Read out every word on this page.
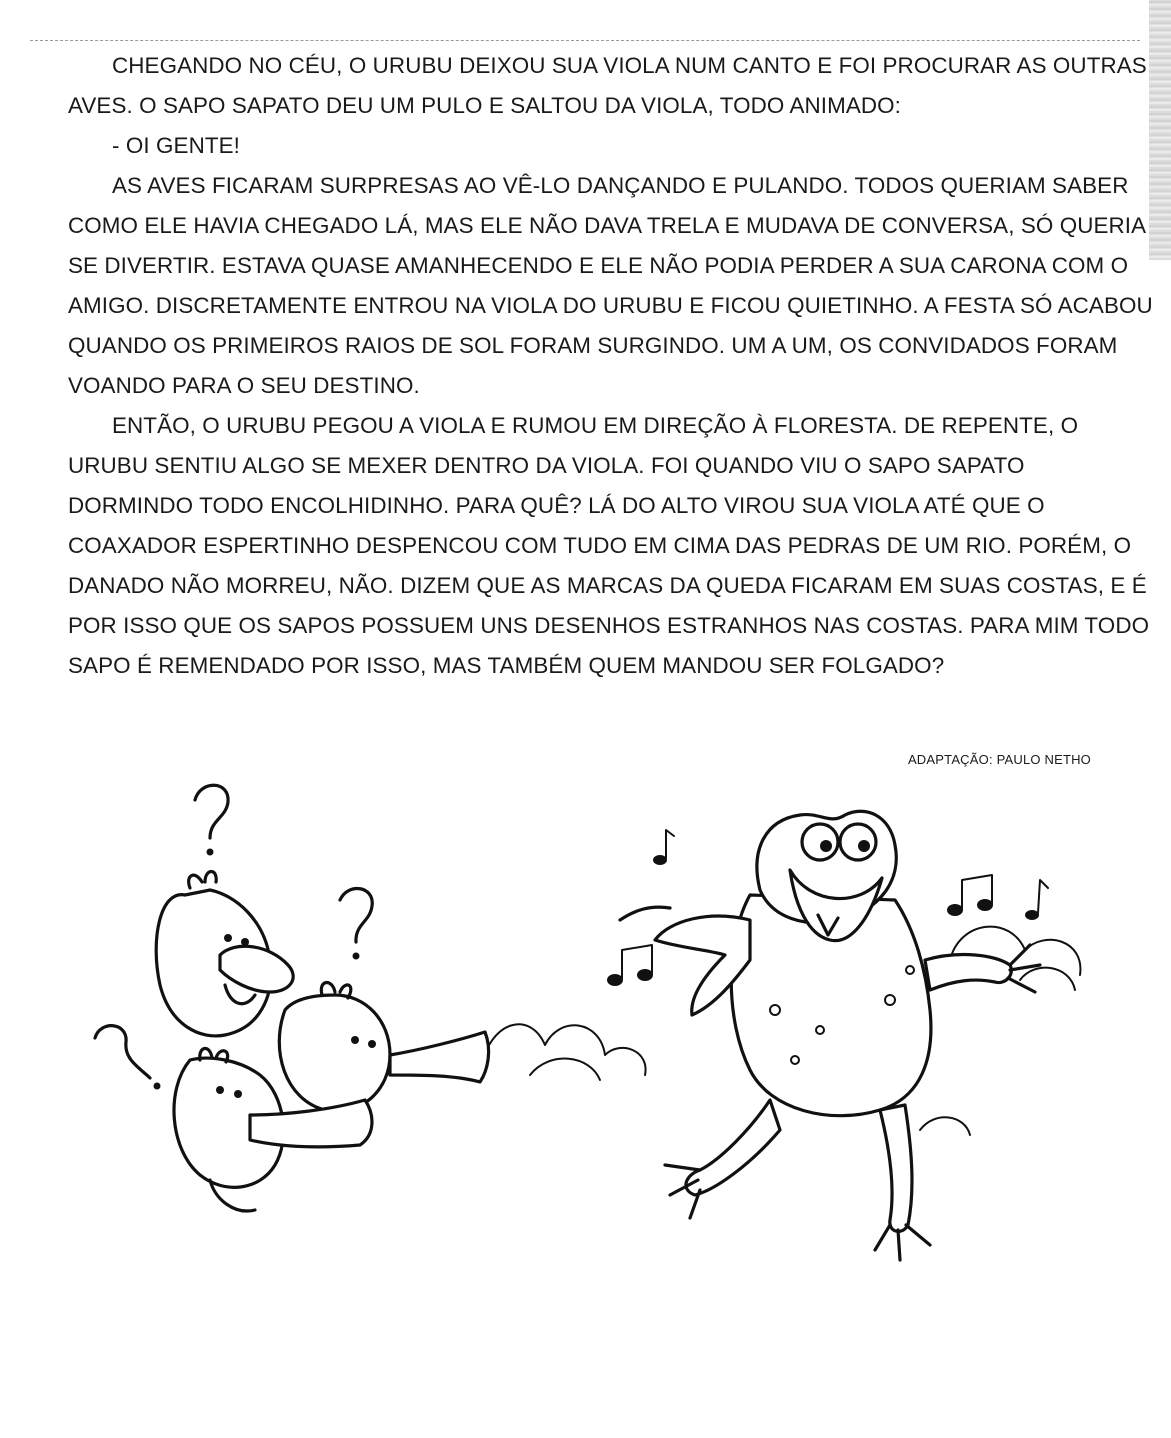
CHEGANDO NO CÉU, O URUBU DEIXOU SUA VIOLA NUM CANTO E FOI PROCURAR AS OUTRAS AVES. O SAPO SAPATO DEU UM PULO E SALTOU DA VIOLA, TODO ANIMADO:

- OI GENTE!

AS AVES FICARAM SURPRESAS AO VÊ-LO DANÇANDO E PULANDO. TODOS QUERIAM SABER COMO ELE HAVIA CHEGADO LÁ, MAS ELE NÃO DAVA TRELA E MUDAVA DE CONVERSA, SÓ QUERIA SE DIVERTIR. ESTAVA QUASE AMANHECENDO E ELE NÃO PODIA PERDER A SUA CARONA COM O AMIGO. DISCRETAMENTE ENTROU NA VIOLA DO URUBU E FICOU QUIETINHO. A FESTA SÓ ACABOU QUANDO OS PRIMEIROS RAIOS DE SOL FORAM SURGINDO. UM A UM, OS CONVIDADOS FORAM VOANDO PARA O SEU DESTINO.

ENTÃO, O URUBU PEGOU A VIOLA E RUMOU EM DIREÇÃO À FLORESTA. DE REPENTE, O URUBU SENTIU ALGO SE MEXER DENTRO DA VIOLA. FOI QUANDO VIU O SAPO SAPATO DORMINDO TODO ENCOLHIDINHO. PARA QUÊ? LÁ DO ALTO VIROU SUA VIOLA ATÉ QUE O COAXADOR ESPERTINHO DESPENCOU COM TUDO EM CIMA DAS PEDRAS DE UM RIO. PORÉM, O DANADO NÃO MORREU, NÃO. DIZEM QUE AS MARCAS DA QUEDA FICARAM EM SUAS COSTAS, E É POR ISSO QUE OS SAPOS POSSUEM UNS DESENHOS ESTRANHOS NAS COSTAS. PARA MIM TODO SAPO É REMENDADO POR ISSO, MAS TAMBÉM QUEM MANDOU SER FOLGADO?

ADAPTAÇÃO: PAULO NETHO
